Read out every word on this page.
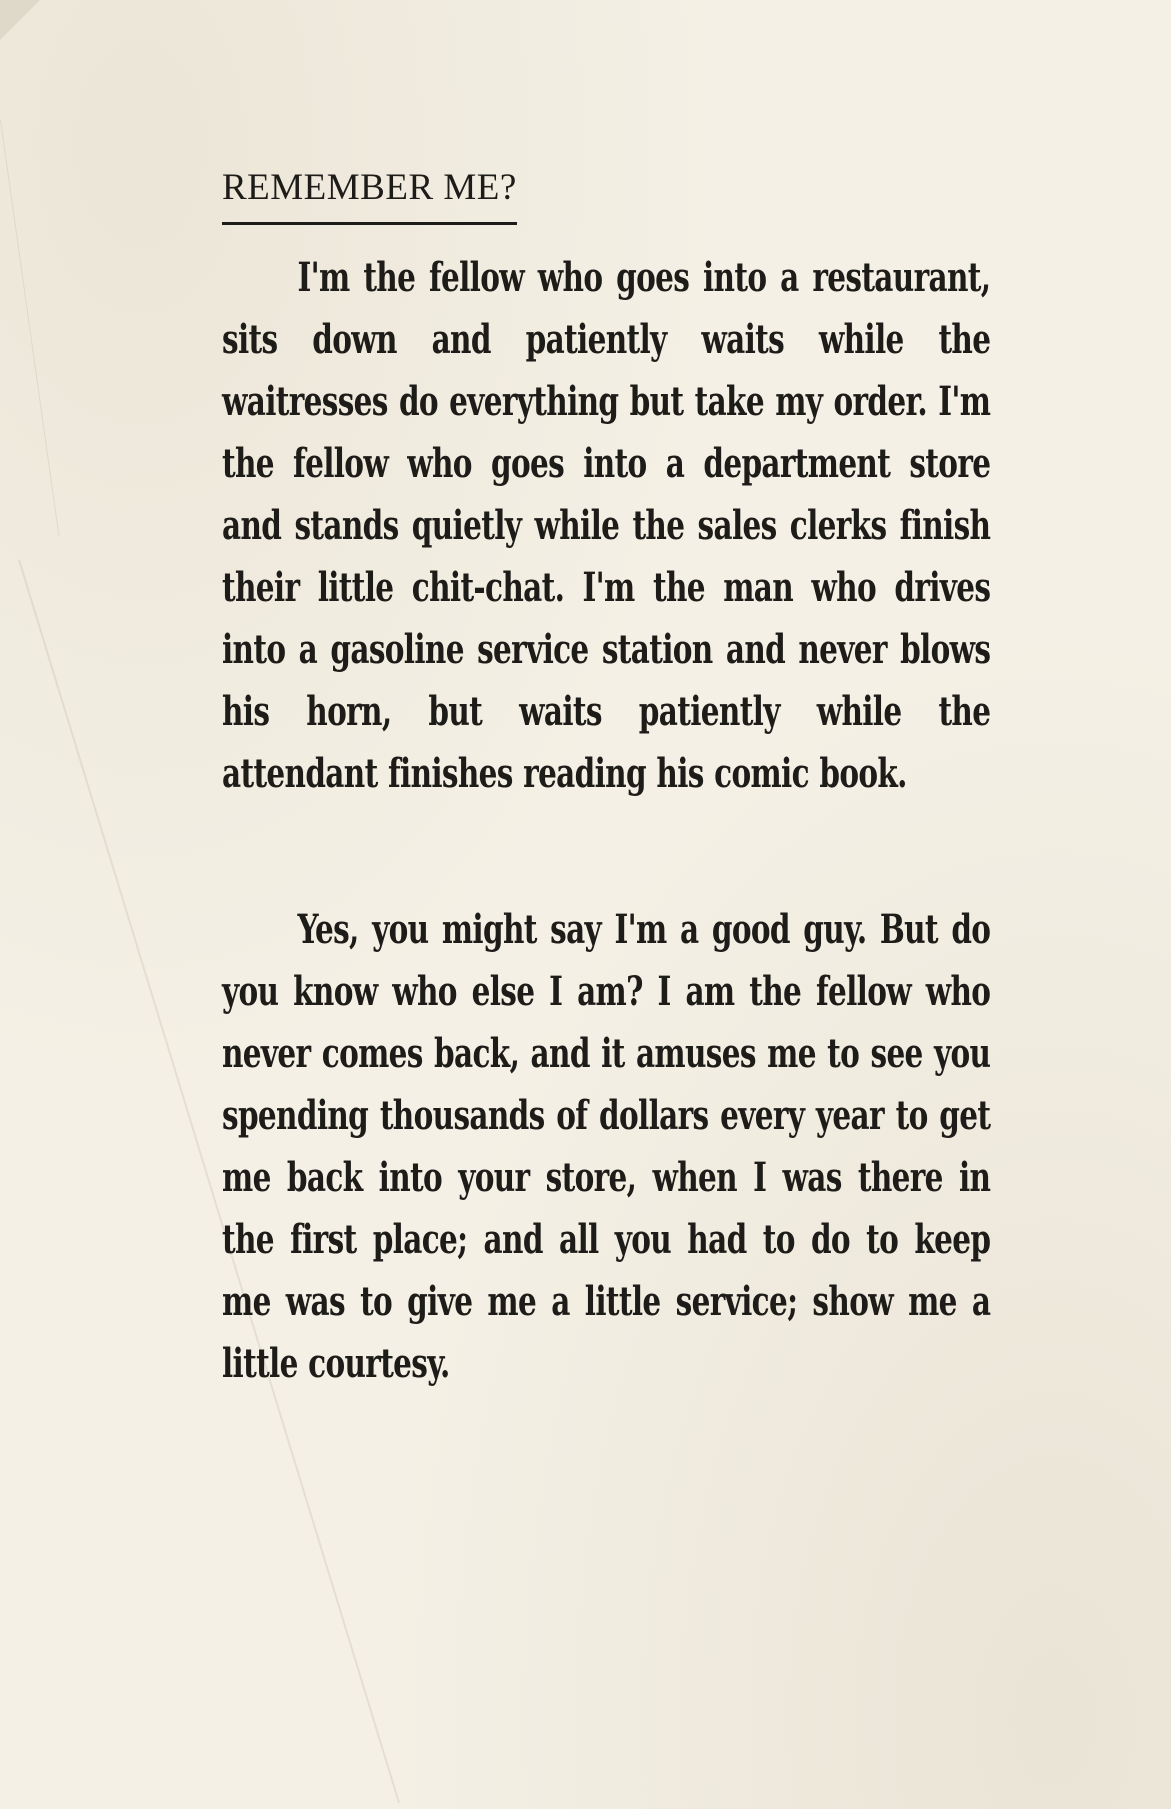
REMEMBER ME?

I'm the fellow who goes into a restaurant, sits down and patiently waits while the waitresses do everything but take my order. I'm the fellow who goes into a department store and stands quietly while the sales clerks finish their little chit-chat. I'm the man who drives into a gasoline service station and never blows his horn, but waits patiently while the attendant finishes reading his comic book.

Yes, you might say I'm a good guy. But do you know who else I am? I am the fellow who never comes back, and it amuses me to see you spending thousands of dollars every year to get me back into your store, when I was there in the first place; and all you had to do to keep me was to give me a little service; show me a little courtesy.
